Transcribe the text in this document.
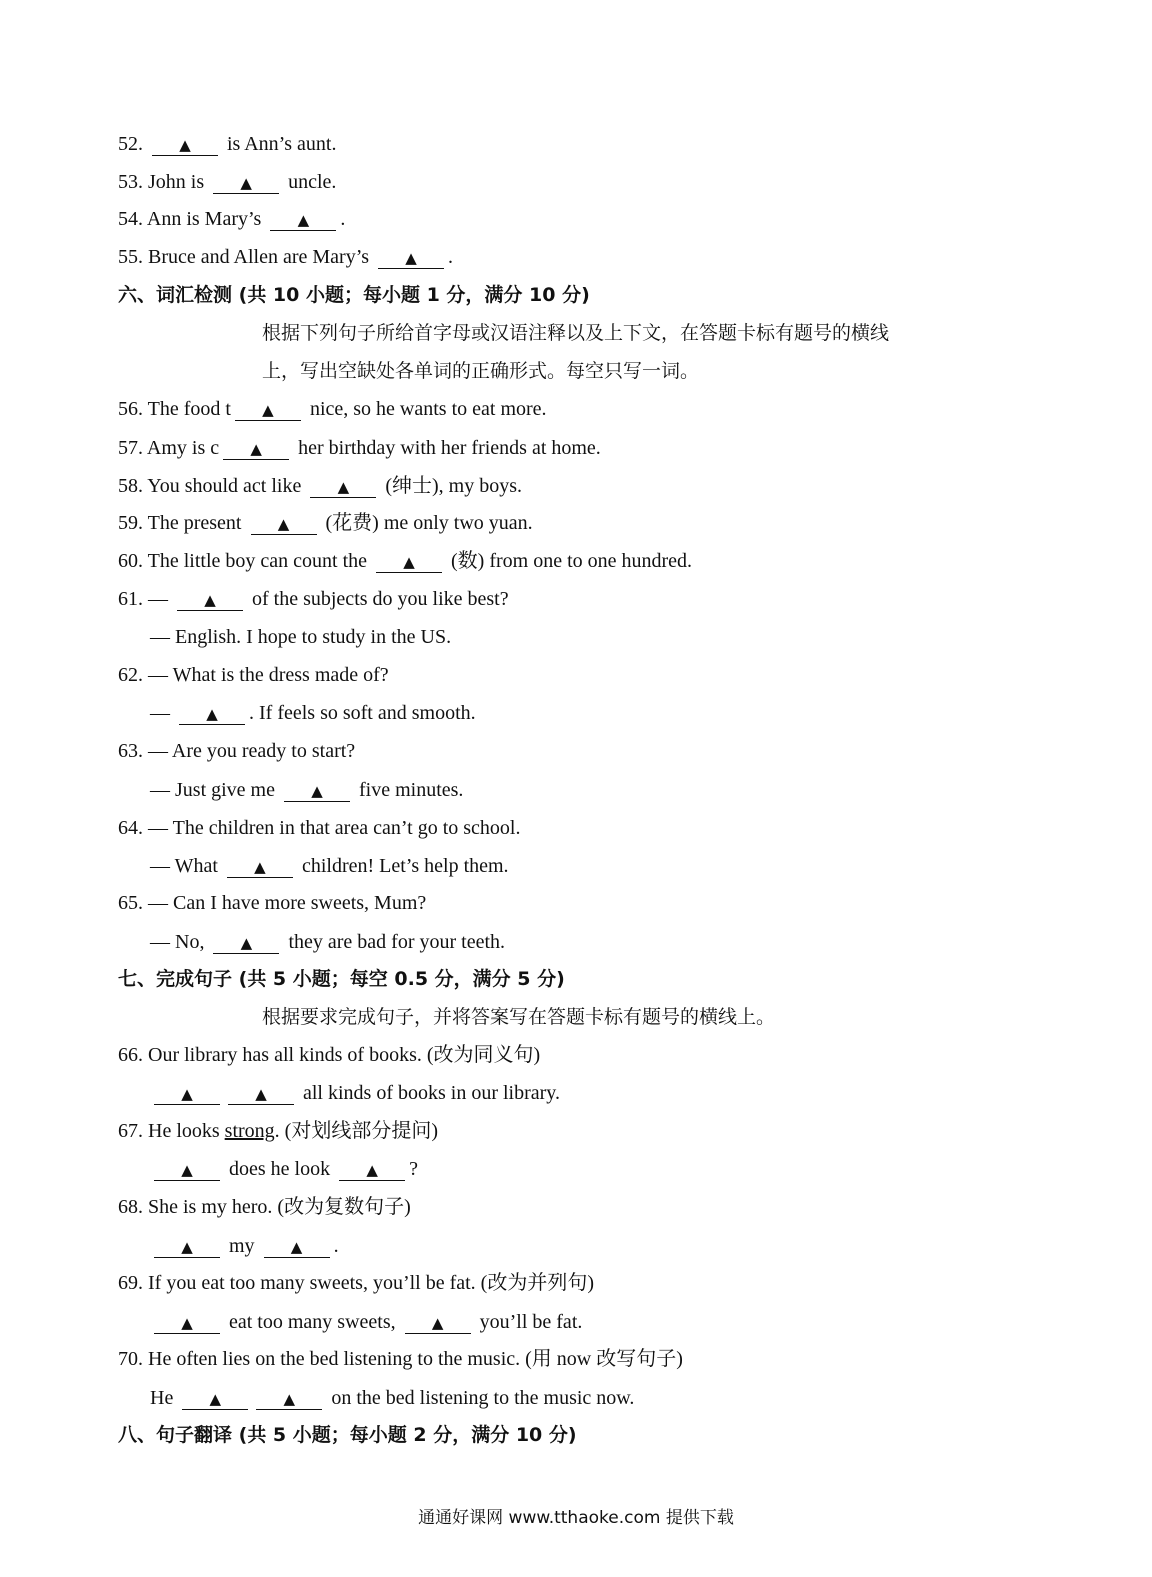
52. ▲ is Ann’s aunt.
53. John is ▲ uncle.
54. Ann is Mary’s ▲ .
55. Bruce and Allen are Mary’s ▲ .
六、词汇检测 (共 10 小题；每小题 1 分，满分 10 分)
根据下列句子所给首字母或汉语注释以及上下文，在答题卡标有题号的横线
上，写出空缺处各单词的正确形式。每空只写一词。
56. The food t ▲ nice, so he wants to eat more.
57. Amy is c ▲ her birthday with her friends at home.
58. You should act like ▲ (绅士), my boys.
59. The present ▲ (花费) me only two yuan.
60. The little boy can count the ▲ (数) from one to one hundred.
61. — ▲ of the subjects do you like best?
— English. I hope to study in the US.
62. — What is the dress made of?
— ▲ . If feels so soft and smooth.
63. — Are you ready to start?
— Just give me ▲ five minutes.
64. — The children in that area can’t go to school.
— What ▲ children! Let’s help them.
65. — Can I have more sweets, Mum?
— No, ▲ they are bad for your teeth.
七、完成句子 (共 5 小题；每空 0.5 分，满分 5 分)
根据要求完成句子，并将答案写在答题卡标有题号的横线上。
66. Our library has all kinds of books. (改为同义句)
▲	▲ all kinds of books in our library.
67. He looks strong. (对划线部分提问)
▲ does he look ▲ ?
68. She is my hero. (改为复数句子)
▲ my ▲ .
69. If you eat too many sweets, you’ll be fat. (改为并列句)
▲ eat too many sweets, ▲ you’ll be fat.
70. He often lies on the bed listening to the music. (用 now 改写句子)
He ▲	▲ on the bed listening to the music now.
八、句子翻译 (共 5 小题；每小题 2 分，满分 10 分)
通通好课网 www.tthaoke.com 提供下载
